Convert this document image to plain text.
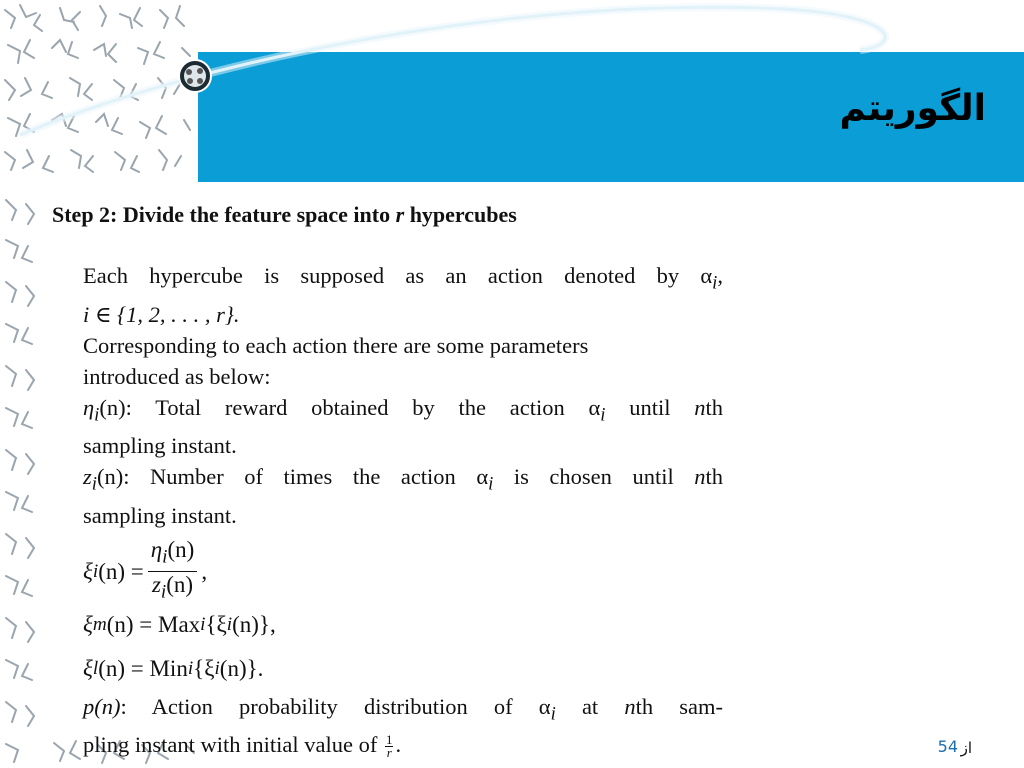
الگوریتم

Step 2: Divide the feature space into r hypercubes

Each hypercube is supposed as an action denoted by $\alpha_i$,
i ∈ {1, 2, . . . , r}.
Corresponding to each action there are some parameters
introduced as below:
$\eta_i(n)$: Total reward obtained by the action $\alpha_i$ until nth
sampling instant.
$z_i(n)$: Number of times the action $\alpha_i$ is chosen until nth
sampling instant.
ξ i $(n) = \frac{\eta_i(n)}{z_i(n)}$ ,
ξ m (n) = Max i {ξ i (n)},
ξ l (n) = Min i {ξ i (n)}.
p(n): Action probability distribution of $\alpha_i$ at nth sam-
pling instant with initial value of $\frac{1}{r}$ .	54 از
